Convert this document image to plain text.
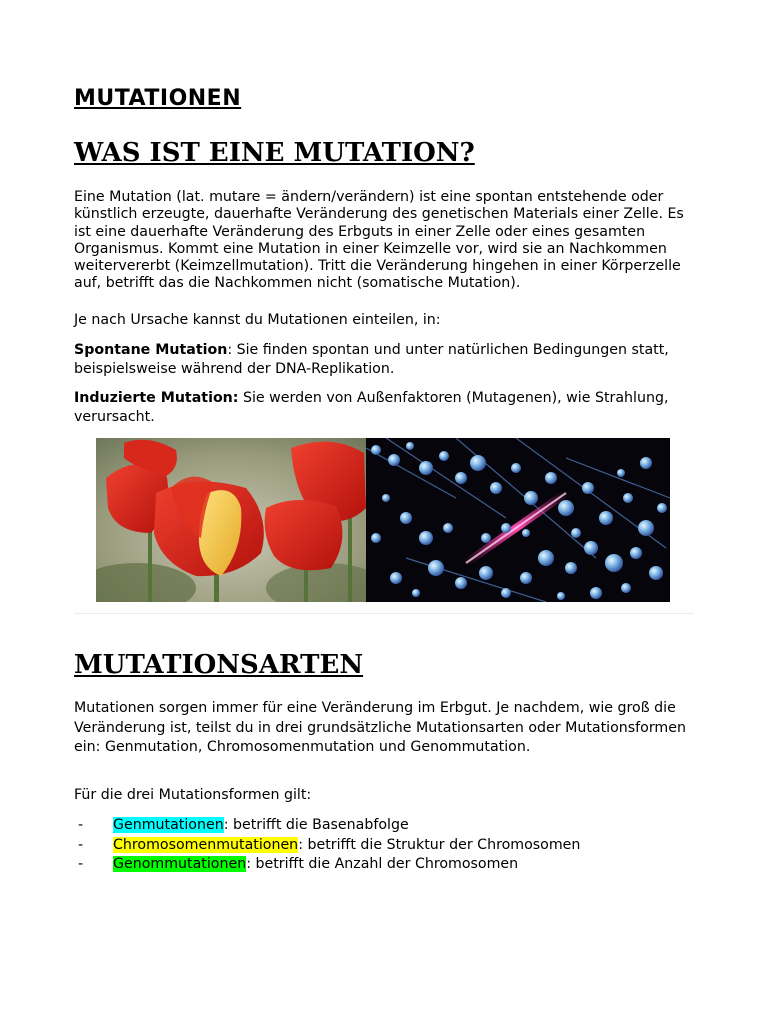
MUTATIONEN
WAS IST EINE MUTATION?

Eine Mutation (lat. mutare = ändern/verändern) ist eine spontan entstehende oder künstlich erzeugte, dauerhafte Veränderung des genetischen Materials einer Zelle. Es ist eine dauerhafte Veränderung des Erbguts in einer Zelle oder eines gesamten Organismus. Kommt eine Mutation in einer Keimzelle vor, wird sie an Nachkommen weitervererbt (Keimzellmutation). Tritt die Veränderung hingehen in einer Körperzelle auf, betrifft das die Nachkommen nicht (somatische Mutation).

Je nach Ursache kannst du Mutationen einteilen, in:

Spontane Mutation: Sie finden spontan und unter natürlichen Bedingungen statt, beispielsweise während der DNA-Replikation.

Induzierte Mutation: Sie werden von Außenfaktoren (Mutagenen), wie Strahlung, verursacht.

MUTATIONSARTEN

Mutationen sorgen immer für eine Veränderung im Erbgut. Je nachdem, wie groß die Veränderung ist, teilst du in drei grundsätzliche Mutationsarten oder Mutationsformen ein: Genmutation, Chromosomenmutation und Genommutation.

Für die drei Mutationsformen gilt:

- Genmutationen: betrifft die Basenabfolge
- Chromosomenmutationen: betrifft die Struktur der Chromosomen
- Genommutationen: betrifft die Anzahl der Chromosomen
